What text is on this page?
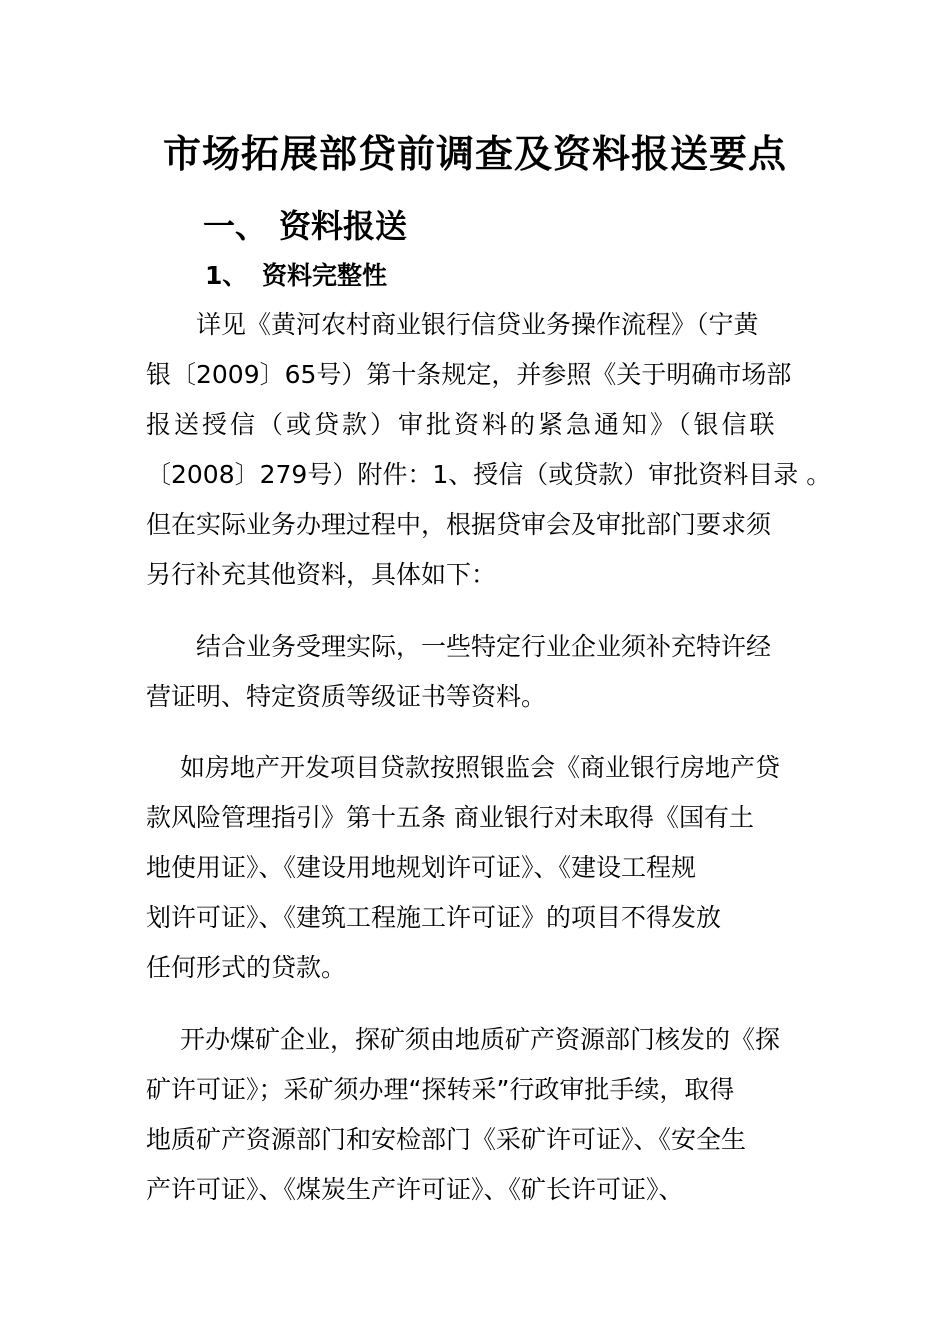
市场拓展部贷前调查及资料报送要点
一、 资料报送
1、 资料完整性
详见《黄河农村商业银行信贷业务操作流程》（宁黄
银〔2009〕65号）第十条规定，并参照《关于明确市场部
报送授信（或贷款）审批资料的紧急通知》（银信联
〔2008〕279号）附件：1、授信（或贷款）审批资料目录 。
但在实际业务办理过程中，根据贷审会及审批部门要求须
另行补充其他资料，具体如下：
结合业务受理实际，一些特定行业企业须补充特许经
营证明、特定资质等级证书等资料。
如房地产开发项目贷款按照银监会《商业银行房地产贷
款风险管理指引》第十五条 商业银行对未取得《国有土
地使用证》、《建设用地规划许可证》、《建设工程规
划许可证》、《建筑工程施工许可证》的项目不得发放
任何形式的贷款。
开办煤矿企业，探矿须由地质矿产资源部门核发的《探
矿许可证》；采矿须办理“探转采”行政审批手续，取得
地质矿产资源部门和安检部门《采矿许可证》、《安全生
产许可证》、《煤炭生产许可证》、《矿长许可证》、
